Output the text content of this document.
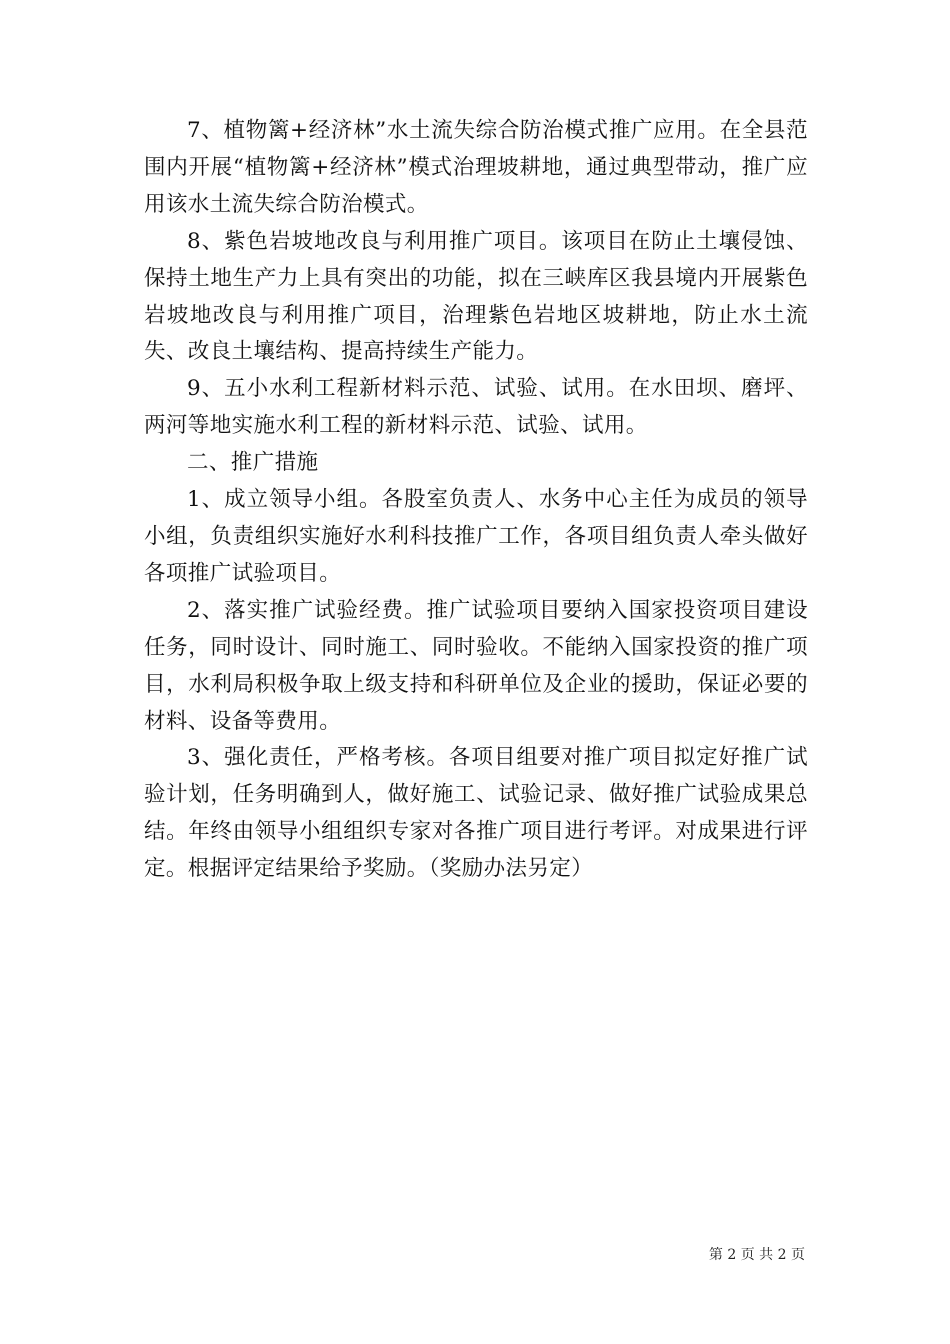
7、植物篱+经济林”水土流失综合防治模式推广应用。在全县范围内开展“植物篱+经济林”模式治理坡耕地，通过典型带动，推广应用该水土流失综合防治模式。

8、紫色岩坡地改良与利用推广项目。该项目在防止土壤侵蚀、保持土地生产力上具有突出的功能，拟在三峡库区我县境内开展紫色岩坡地改良与利用推广项目，治理紫色岩地区坡耕地，防止水土流失、改良土壤结构、提高持续生产能力。

9、五小水利工程新材料示范、试验、试用。在水田坝、磨坪、两河等地实施水利工程的新材料示范、试验、试用。

二、推广措施

1、成立领导小组。各股室负责人、水务中心主任为成员的领导小组，负责组织实施好水利科技推广工作，各项目组负责人牵头做好各项推广试验项目。

2、落实推广试验经费。推广试验项目要纳入国家投资项目建设任务，同时设计、同时施工、同时验收。不能纳入国家投资的推广项目，水利局积极争取上级支持和科研单位及企业的援助，保证必要的材料、设备等费用。

3、强化责任，严格考核。各项目组要对推广项目拟定好推广试验计划，任务明确到人，做好施工、试验记录、做好推广试验成果总结。年终由领导小组组织专家对各推广项目进行考评。对成果进行评定。根据评定结果给予奖励。（奖励办法另定）

第 2 页 共 2 页
